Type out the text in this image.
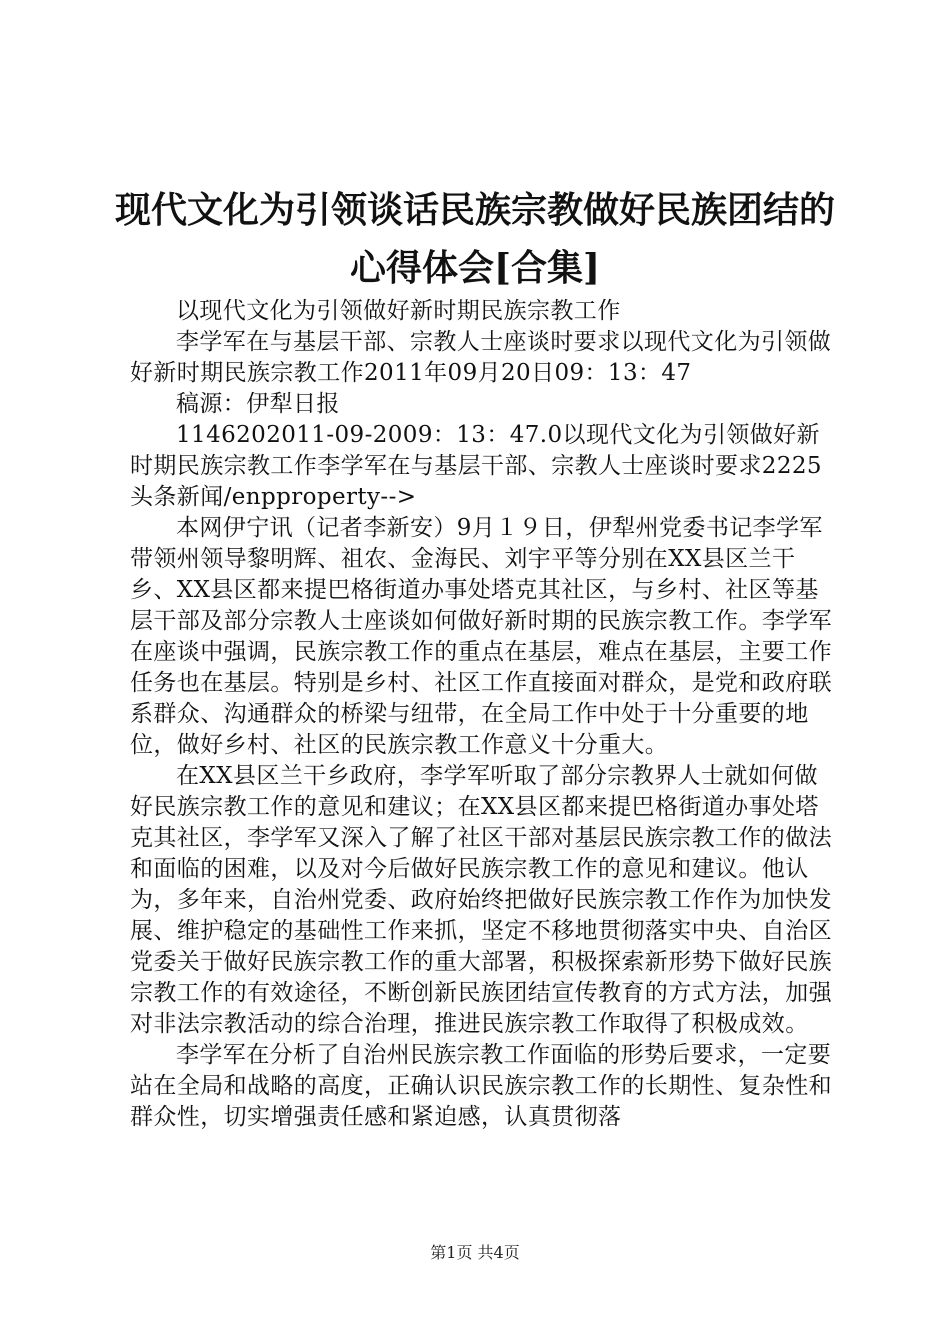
现代文化为引领谈话民族宗教做好民族团结的
心得体会[合集]

以现代文化为引领做好新时期民族宗教工作

李学军在与基层干部、宗教人士座谈时要求以现代文化为引领做好新时期民族宗教工作2011年09月20日09：13：47

稿源：伊犁日报

1146202011-09-2009：13：47.0以现代文化为引领做好新时期民族宗教工作李学军在与基层干部、宗教人士座谈时要求2225头条新闻/enpproperty-->

本网伊宁讯（记者李新安）9月１９日，伊犁州党委书记李学军带领州领导黎明辉、祖农、金海民、刘宇平等分别在XX县区兰干乡、XX县区都来提巴格街道办事处塔克其社区，与乡村、社区等基层干部及部分宗教人士座谈如何做好新时期的民族宗教工作。李学军在座谈中强调，民族宗教工作的重点在基层，难点在基层，主要工作任务也在基层。特别是乡村、社区工作直接面对群众，是党和政府联系群众、沟通群众的桥梁与纽带，在全局工作中处于十分重要的地位，做好乡村、社区的民族宗教工作意义十分重大。

在XX县区兰干乡政府，李学军听取了部分宗教界人士就如何做好民族宗教工作的意见和建议；在XX县区都来提巴格街道办事处塔克其社区，李学军又深入了解了社区干部对基层民族宗教工作的做法和面临的困难，以及对今后做好民族宗教工作的意见和建议。他认为，多年来，自治州党委、政府始终把做好民族宗教工作作为加快发展、维护稳定的基础性工作来抓，坚定不移地贯彻落实中央、自治区党委关于做好民族宗教工作的重大部署，积极探索新形势下做好民族宗教工作的有效途径，不断创新民族团结宣传教育的方式方法，加强对非法宗教活动的综合治理，推进民族宗教工作取得了积极成效。

李学军在分析了自治州民族宗教工作面临的形势后要求，一定要站在全局和战略的高度，正确认识民族宗教工作的长期性、复杂性和群众性，切实增强责任感和紧迫感，认真贯彻落

第1页 共4页
